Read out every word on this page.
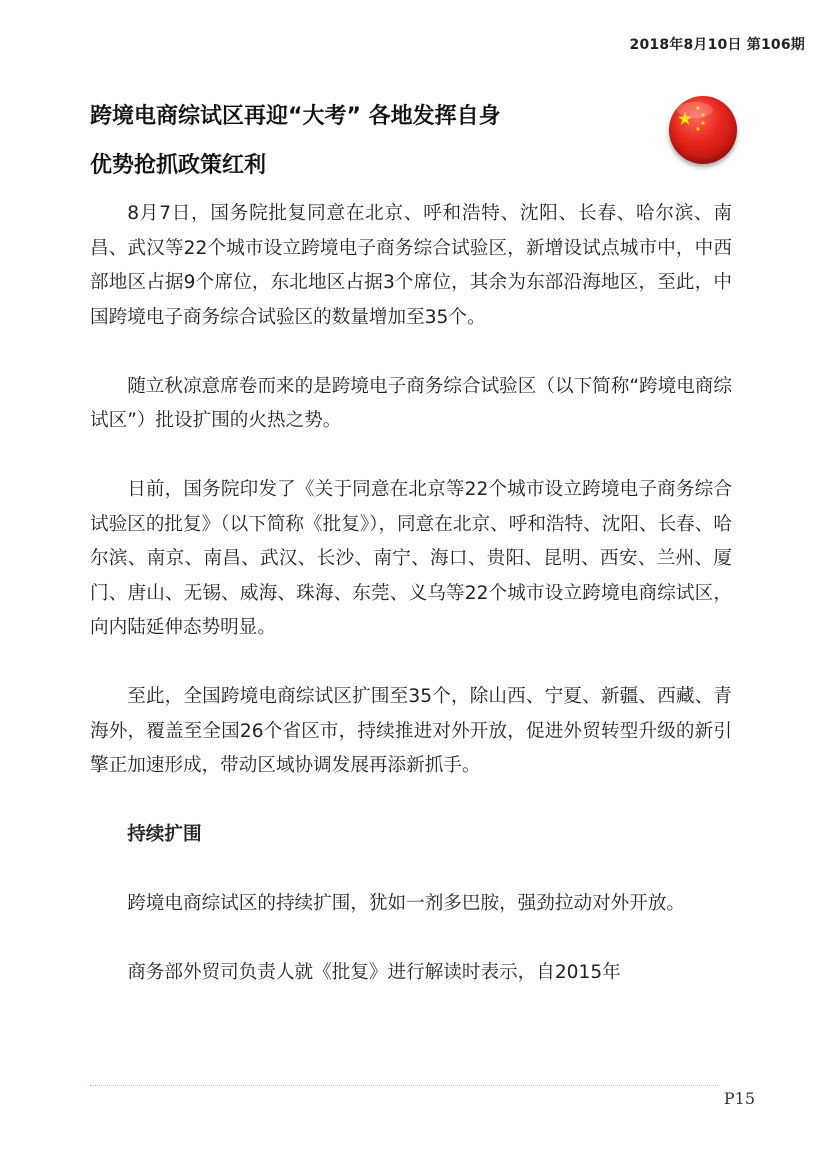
2018年8月10日 第106期
跨境电商综试区再迎“大考” 各地发挥自身
优势抢抓政策红利

8月7日，国务院批复同意在北京、呼和浩特、沈阳、长春、哈尔滨、南昌、武汉等22个城市设立跨境电子商务综合试验区，新增设试点城市中，中西部地区占据9个席位，东北地区占据3个席位，其余为东部沿海地区，至此，中国跨境电子商务综合试验区的数量增加至35个。

随立秋凉意席卷而来的是跨境电子商务综合试验区（以下简称“跨境电商综试区”）批设扩围的火热之势。

日前，国务院印发了《关于同意在北京等22个城市设立跨境电子商务综合试验区的批复》（以下简称《批复》），同意在北京、呼和浩特、沈阳、长春、哈尔滨、南京、南昌、武汉、长沙、南宁、海口、贵阳、昆明、西安、兰州、厦门、唐山、无锡、威海、珠海、东莞、义乌等22个城市设立跨境电商综试区，向内陆延伸态势明显。

至此，全国跨境电商综试区扩围至35个，除山西、宁夏、新疆、西藏、青海外，覆盖至全国26个省区市，持续推进对外开放，促进外贸转型升级的新引擎正加速形成，带动区域协调发展再添新抓手。

持续扩围

跨境电商综试区的持续扩围，犹如一剂多巴胺，强劲拉动对外开放。

商务部外贸司负责人就《批复》进行解读时表示，自2015年

P15
